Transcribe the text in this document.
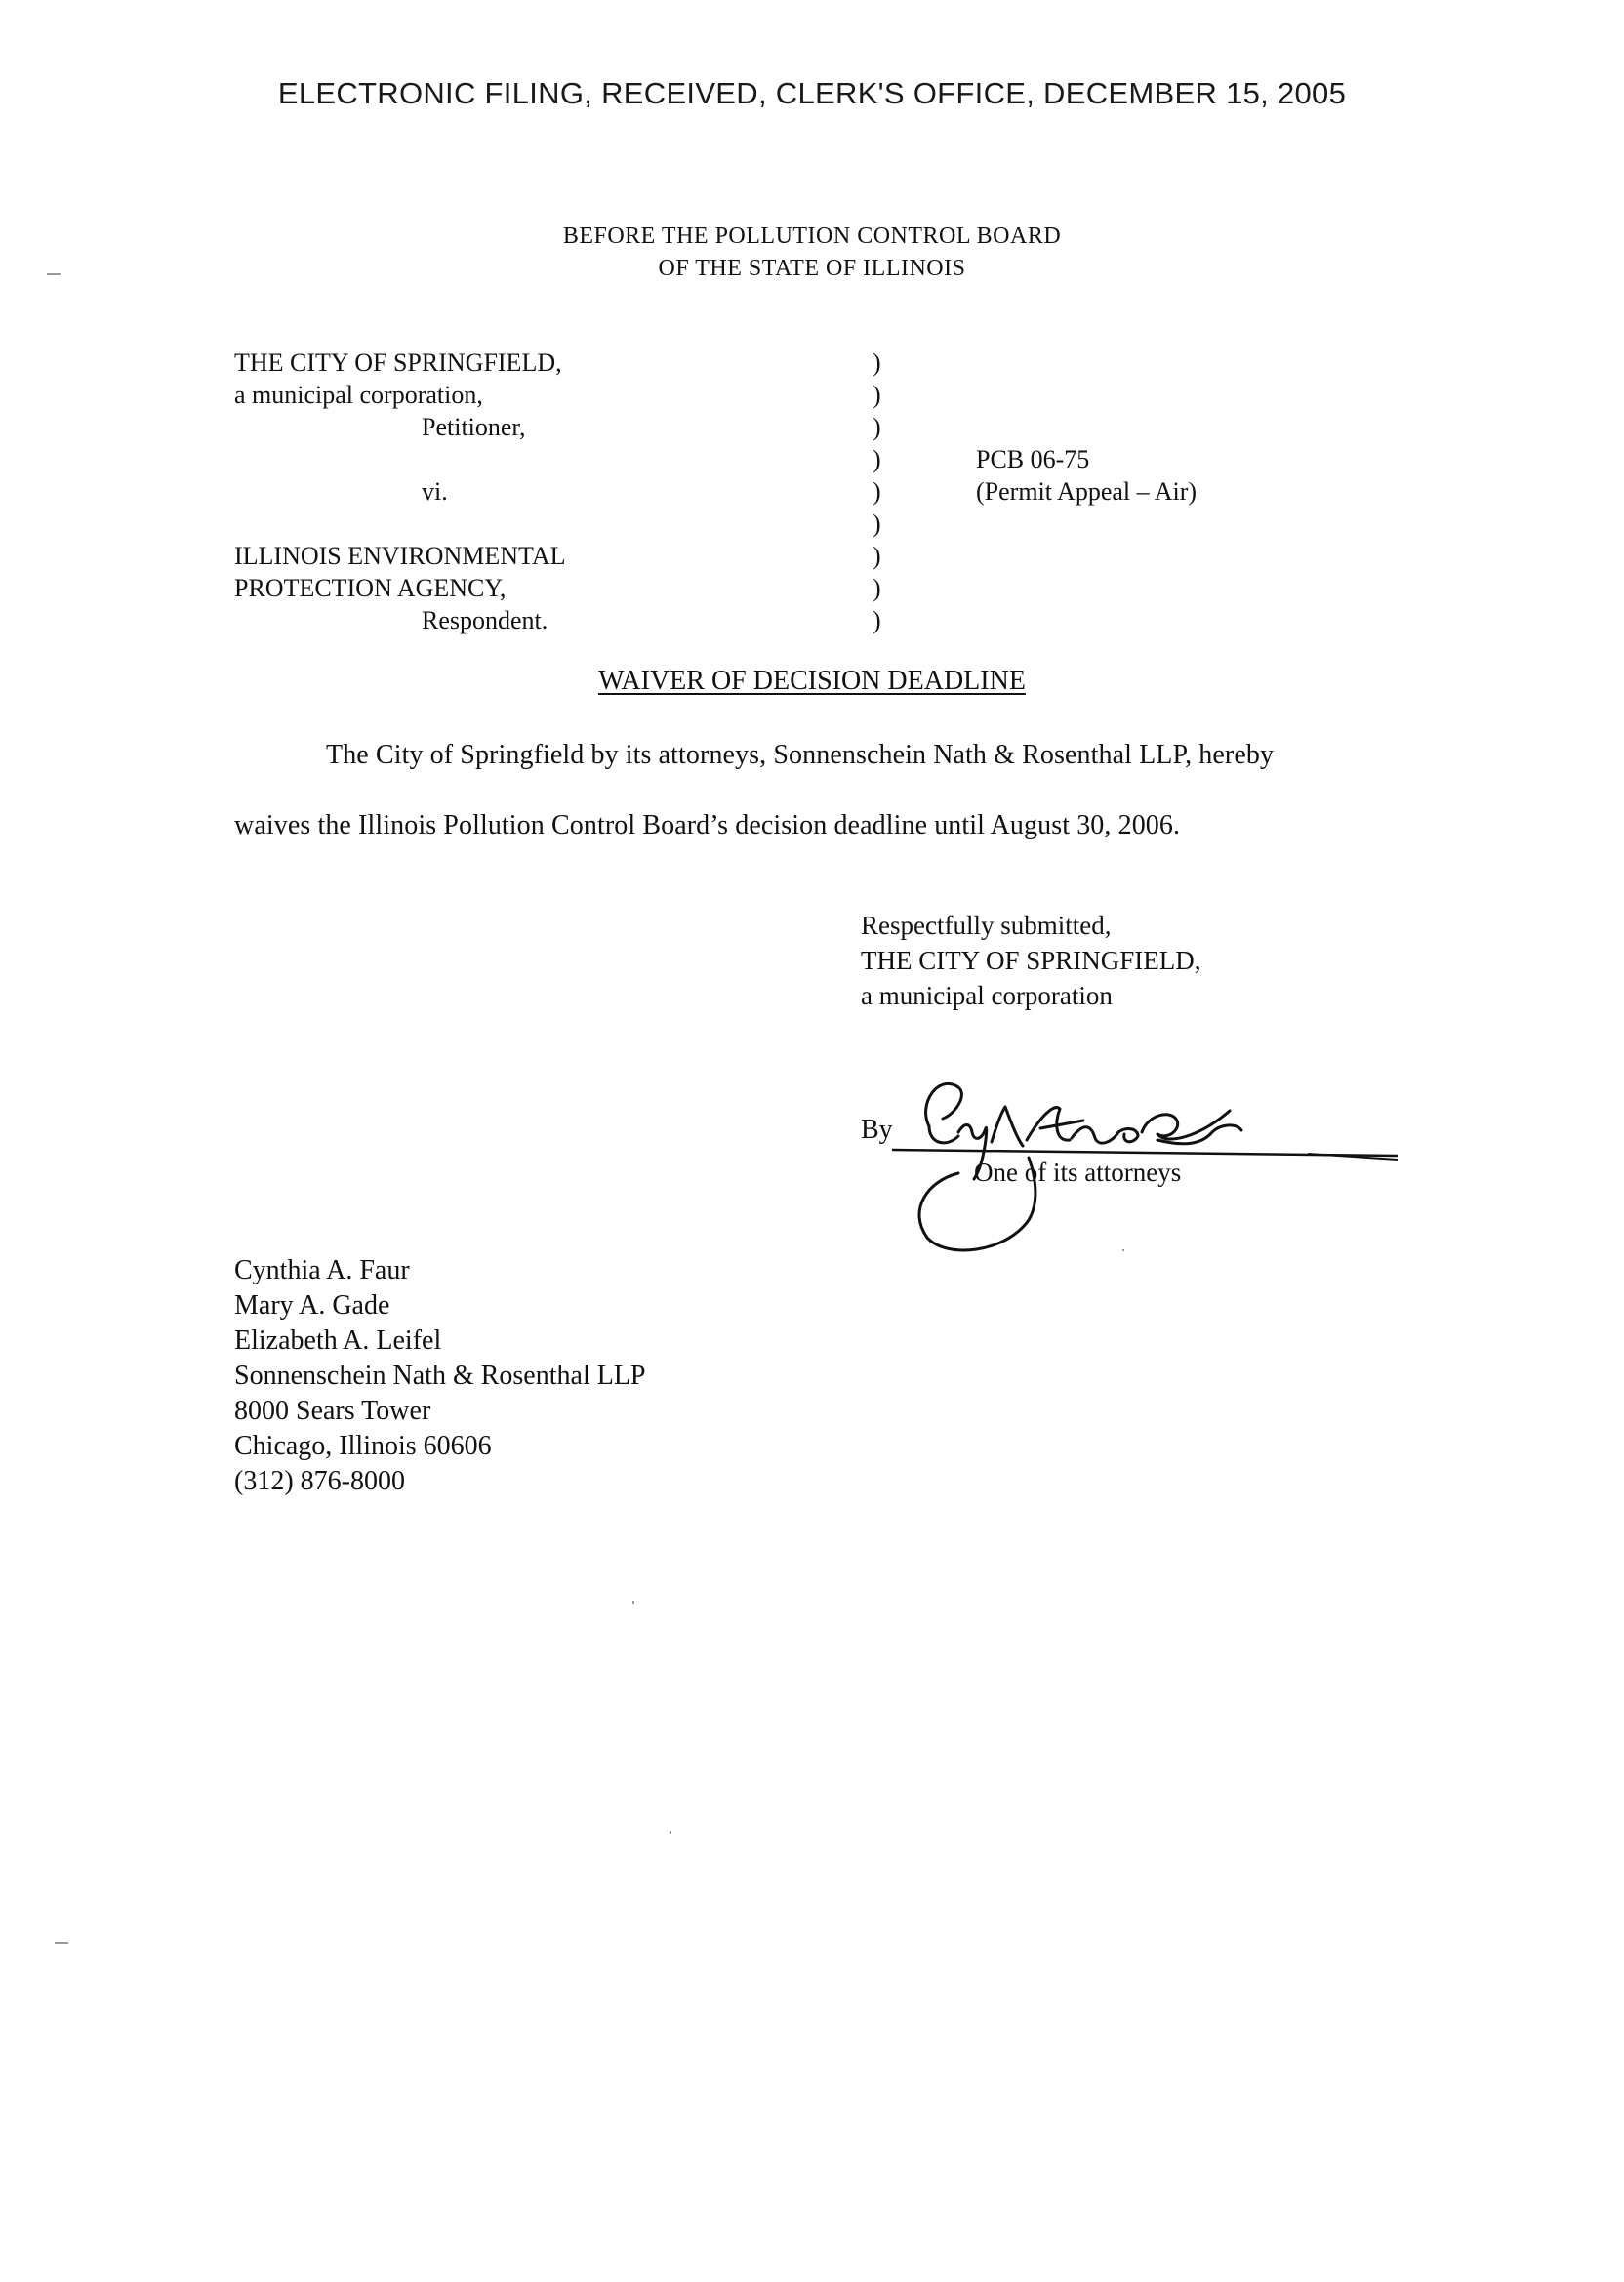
ELECTRONIC FILING, RECEIVED, CLERK'S OFFICE, DECEMBER 15, 2005
BEFORE THE POLLUTION CONTROL BOARD
OF THE STATE OF ILLINOIS
THE CITY OF SPRINGFIELD,
a municipal corporation,
Petitioner,
vi.
ILLINOIS ENVIRONMENTAL
PROTECTION AGENCY,
Respondent.
)
)
)
)
)
)
)
)
)
PCB 06-75
(Permit Appeal – Air)
WAIVER OF DECISION DEADLINE
The City of Springfield by its attorneys, Sonnenschein Nath & Rosenthal LLP, hereby
waives the Illinois Pollution Control Board’s decision deadline until August 30, 2006.
Respectfully submitted,
THE CITY OF SPRINGFIELD,
a municipal corporation
By
One of its attorneys
Cynthia A. Faur
Mary A. Gade
Elizabeth A. Leifel
Sonnenschein Nath & Rosenthal LLP
8000 Sears Tower
Chicago, Illinois 60606
(312) 876-8000
